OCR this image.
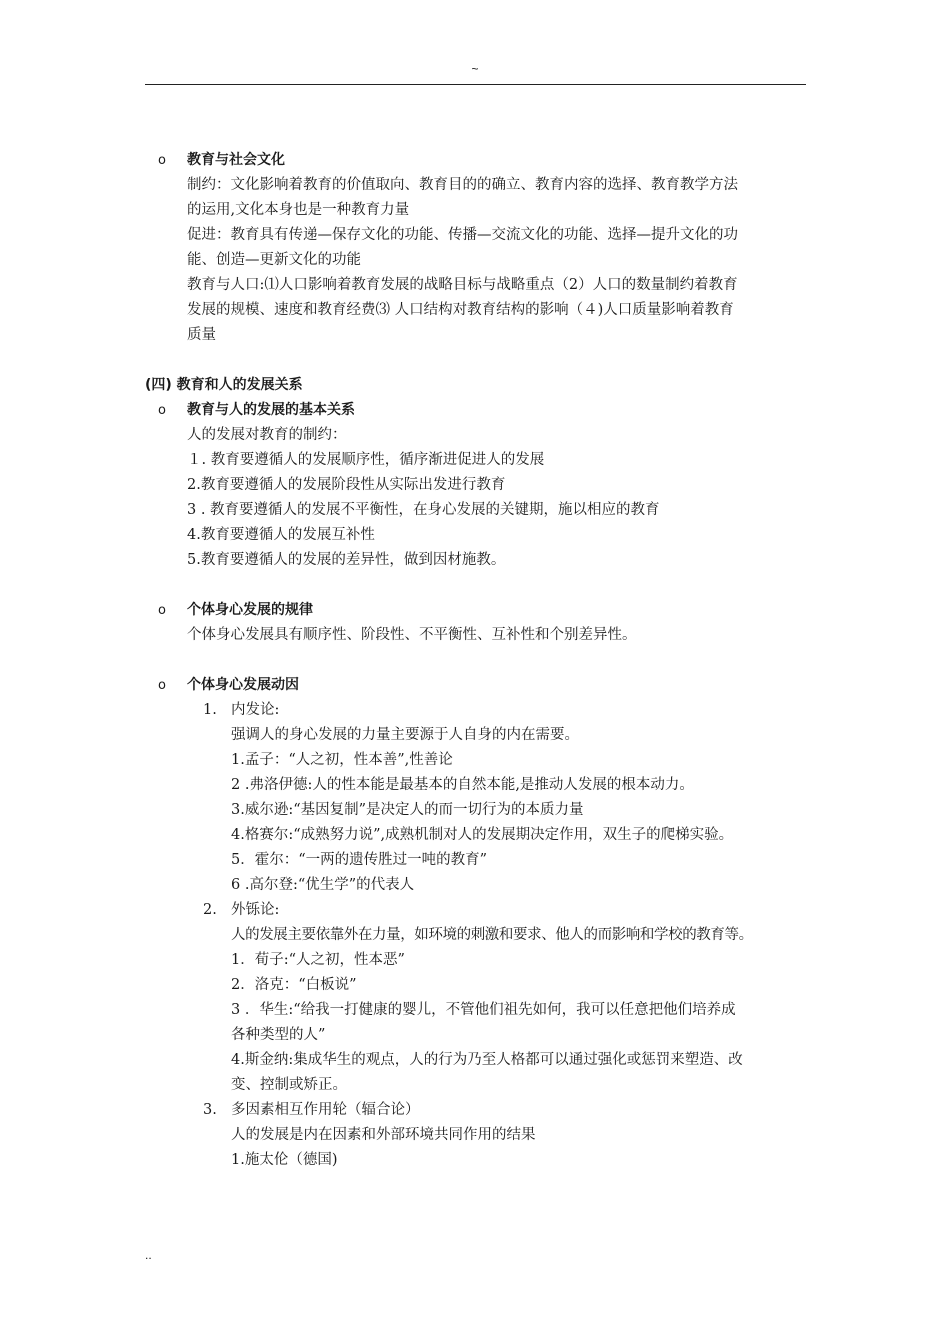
~
o 教育与社会文化
制约：文化影响着教育的价值取向、教育目的的确立、教育内容的选择、教育教学方法
的运用,文化本身也是一种教育力量
促进：教育具有传递—保存文化的功能、传播—交流文化的功能、选择—提升文化的功
能、创造—更新文化的功能
教育与人口:⑴人口影响着教育发展的战略目标与战略重点（2）人口的数量制约着教育
发展的规模、速度和教育经费⑶ 人口结构对教育结构的影响（４)人口质量影响着教育
质量
(四) 教育和人的发展关系
o 教育与人的发展的基本关系
人的发展对教育的制约：
１. 教育要遵循人的发展顺序性，循序渐进促进人的发展
2.教育要遵循人的发展阶段性从实际出发进行教育
3 . 教育要遵循人的发展不平衡性，在身心发展的关键期，施以相应的教育
4.教育要遵循人的发展互补性
5.教育要遵循人的发展的差异性，做到因材施教。
o 个体身心发展的规律
个体身心发展具有顺序性、阶段性、不平衡性、互补性和个别差异性。
o 个体身心发展动因
1. 内发论:
强调人的身心发展的力量主要源于人自身的内在需要。
1.孟子：“人之初，性本善”,性善论
2 .弗洛伊德:人的性本能是最基本的自然本能,是推动人发展的根本动力。
3.威尔逊:“基因复制”是决定人的而一切行为的本质力量
4.格赛尔:“成熟努力说”,成熟机制对人的发展期决定作用，双生子的爬梯实验。
5．霍尔：“一两的遗传胜过一吨的教育”
6 .高尔登:“优生学”的代表人
2. 外铄论:
人的发展主要依靠外在力量，如环境的刺激和要求、他人的而影响和学校的教育等。
1．荀子:“人之初，性本恶”
2．洛克：“白板说”
3 ．华生:“给我一打健康的婴儿，不管他们祖先如何，我可以任意把他们培养成
各种类型的人”
4.斯金纳:集成华生的观点，人的行为乃至人格都可以通过强化或惩罚来塑造、改
变、控制或矫正。
3. 多因素相互作用轮（辐合论）
人的发展是内在因素和外部环境共同作用的结果
1.施太伦（德国)
..
